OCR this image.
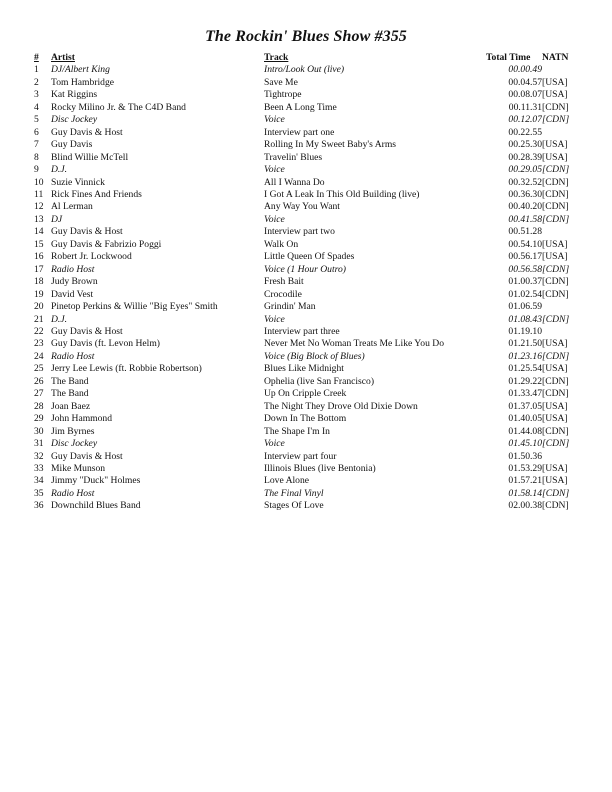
The Rockin' Blues Show #355
#	Artist	Track	Total Time	NATN
1	DJ/Albert King	Intro/Look Out (live)	00.00.49	
2	Tom Hambridge	Save Me	00.04.57	[USA]
3	Kat Riggins	Tightrope	00.08.07	[USA]
4	Rocky Milino Jr. & The C4D Band	Been A Long Time	00.11.31	[CDN]
5	Disc Jockey	Voice	00.12.07	[CDN]
6	Guy Davis & Host	Interview part one	00.22.55	
7	Guy Davis	Rolling In My Sweet Baby's Arms	00.25.30	[USA]
8	Blind Willie McTell	Travelin' Blues	00.28.39	[USA]
9	D.J.	Voice	00.29.05	[CDN]
10	Suzie Vinnick	All I Wanna Do	00.32.52	[CDN]
11	Rick Fines And Friends	I Got A Leak In This Old Building (live)	00.36.30	[CDN]
12	Al Lerman	Any Way You Want	00.40.20	[CDN]
13	DJ	Voice	00.41.58	[CDN]
14	Guy Davis & Host	Interview part two	00.51.28	
15	Guy Davis & Fabrizio Poggi	Walk On	00.54.10	[USA]
16	Robert Jr. Lockwood	Little Queen Of Spades	00.56.17	[USA]
17	Radio Host	Voice (1 Hour Outro)	00.56.58	[CDN]
18	Judy Brown	Fresh Bait	01.00.37	[CDN]
19	David Vest	Crocodile	01.02.54	[CDN]
20	Pinetop Perkins & Willie "Big Eyes" Smith	Grindin' Man	01.06.59	
21	D.J.	Voice	01.08.43	[CDN]
22	Guy Davis & Host	Interview part three	01.19.10	
23	Guy Davis (ft. Levon Helm)	Never Met No Woman Treats Me Like You Do	01.21.50	[USA]
24	Radio Host	Voice (Big Block of Blues)	01.23.16	[CDN]
25	Jerry Lee Lewis (ft. Robbie Robertson)	Blues Like Midnight	01.25.54	[USA]
26	The Band	Ophelia (live San Francisco)	01.29.22	[CDN]
27	The Band	Up On Cripple Creek	01.33.47	[CDN]
28	Joan Baez	The Night They Drove Old Dixie Down	01.37.05	[USA]
29	John Hammond	Down In The Bottom	01.40.05	[USA]
30	Jim Byrnes	The Shape I'm In	01.44.08	[CDN]
31	Disc Jockey	Voice	01.45.10	[CDN]
32	Guy Davis & Host	Interview part four	01.50.36	
33	Mike Munson	Illinois Blues (live Bentonia)	01.53.29	[USA]
34	Jimmy "Duck" Holmes	Love Alone	01.57.21	[USA]
35	Radio Host	The Final Vinyl	01.58.14	[CDN]
36	Downchild Blues Band	Stages Of Love	02.00.38	[CDN]
